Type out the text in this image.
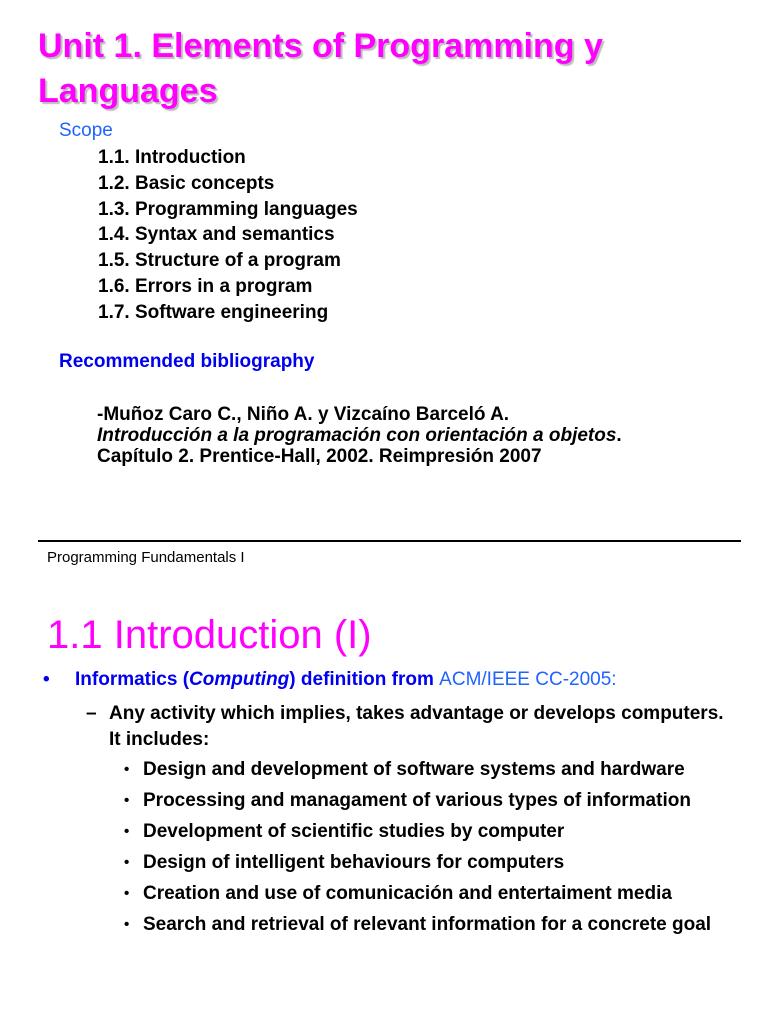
Unit 1. Elements of Programming y Languages
Scope
1.1. Introduction
1.2. Basic concepts
1.3. Programming languages
1.4. Syntax and semantics
1.5. Structure of a program
1.6. Errors in a program
1.7. Software engineering
Recommended bibliography
-Muñoz Caro C., Niño A. y Vizcaíno Barceló A.
Introducción a la programación con orientación a objetos.
Capítulo 2. Prentice-Hall, 2002. Reimpresión 2007
Programming Fundamentals I
1.1 Introduction (I)
• Informatics (Computing) definition from ACM/IEEE CC-2005:
– Any activity which implies, takes advantage or develops computers. It includes:
• Design and development of software systems and hardware
• Processing and managament of various types of information
• Development of scientific studies by computer
• Design of intelligent behaviours for computers
• Creation and use of comunicación and entertaiment media
• Search and retrieval of relevant information for a concrete goal
